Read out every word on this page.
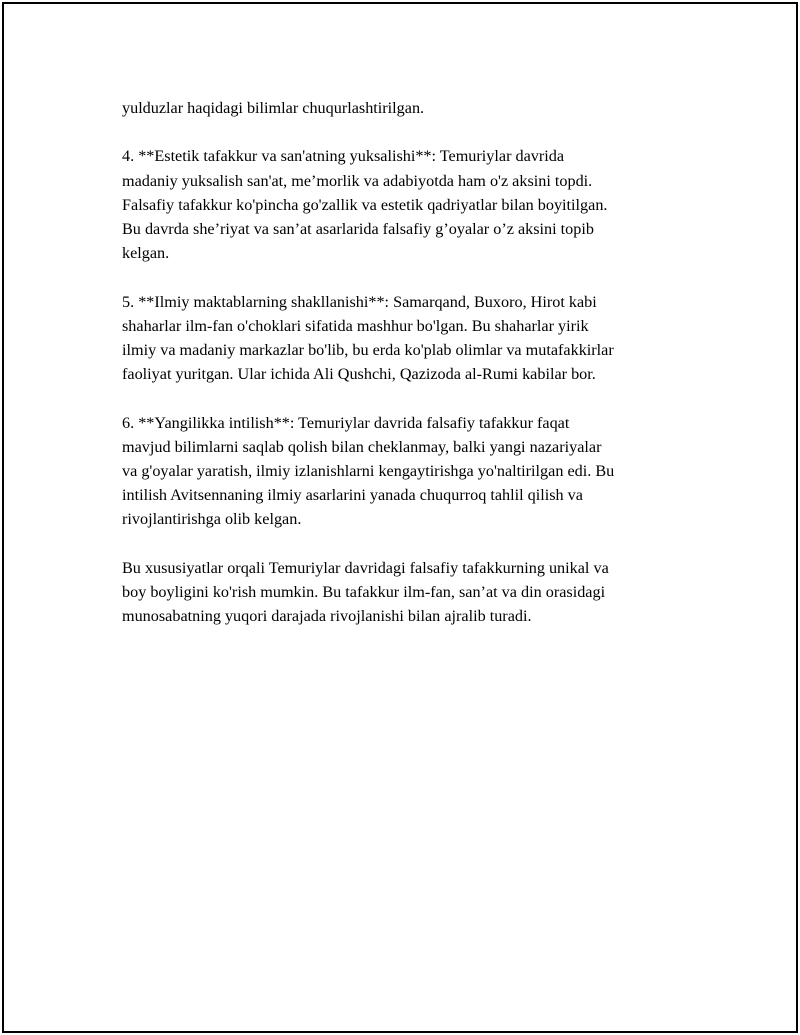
yulduzlar haqidagi bilimlar chuqurlashtirilgan.

4. **Estetik tafakkur va san'atning yuksalishi**: Temuriylar davrida
madaniy yuksalish san'at, me’morlik va adabiyotda ham o'z aksini topdi.
Falsafiy tafakkur ko'pincha go'zallik va estetik qadriyatlar bilan boyitilgan.
Bu davrda she’riyat va san’at asarlarida falsafiy g’oyalar o’z aksini topib
kelgan.

5. **Ilmiy maktablarning shakllanishi**: Samarqand, Buxoro, Hirot kabi
shaharlar ilm-fan o'choklari sifatida mashhur bo'lgan. Bu shaharlar yirik
ilmiy va madaniy markazlar bo'lib, bu erda ko'plab olimlar va mutafakkirlar
faoliyat yuritgan. Ular ichida Ali Qushchi, Qazizoda al-Rumi kabilar bor.

6. **Yangilikka intilish**: Temuriylar davrida falsafiy tafakkur faqat
mavjud bilimlarni saqlab qolish bilan cheklanmay, balki yangi nazariyalar
va g'oyalar yaratish, ilmiy izlanishlarni kengaytirishga yo'naltirilgan edi. Bu
intilish Avitsennaning ilmiy asarlarini yanada chuqurroq tahlil qilish va
rivojlantirishga olib kelgan.

Bu xususiyatlar orqali Temuriylar davridagi falsafiy tafakkurning unikal va
boy boyligini ko'rish mumkin. Bu tafakkur ilm-fan, san’at va din orasidagi
munosabatning yuqori darajada rivojlanishi bilan ajralib turadi.
